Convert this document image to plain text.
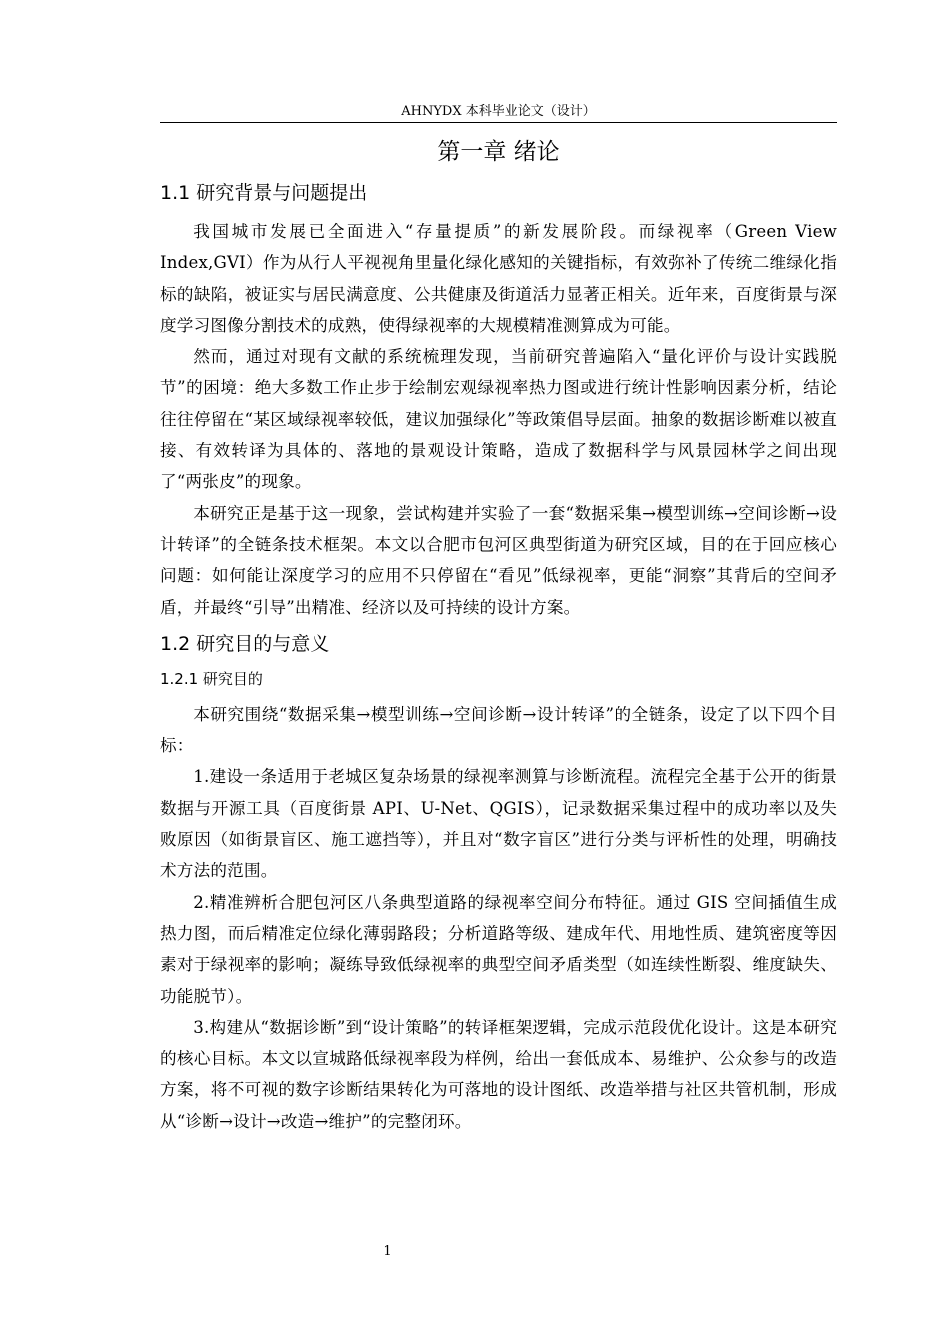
AHNYDX 本科毕业论文（设计）
第一章 绪论
1.1 研究背景与问题提出

我国城市发展已全面进入“存量提质”的新发展阶段。而绿视率（Green View Index,GVI）作为从行人平视视角里量化绿化感知的关键指标，有效弥补了传统二维绿化指标的缺陷，被证实与居民满意度、公共健康及街道活力显著正相关。近年来，百度街景与深度学习图像分割技术的成熟，使得绿视率的大规模精准测算成为可能。

然而，通过对现有文献的系统梳理发现，当前研究普遍陷入“量化评价与设计实践脱节”的困境：绝大多数工作止步于绘制宏观绿视率热力图或进行统计性影响因素分析，结论往往停留在“某区域绿视率较低，建议加强绿化”等政策倡导层面。抽象的数据诊断难以被直接、有效转译为具体的、落地的景观设计策略，造成了数据科学与风景园林学之间出现了“两张皮”的现象。

本研究正是基于这一现象，尝试构建并实验了一套“数据采集→模型训练→空间诊断→设计转译”的全链条技术框架。本文以合肥市包河区典型街道为研究区域，目的在于回应核心问题：如何能让深度学习的应用不只停留在“看见”低绿视率，更能“洞察”其背后的空间矛盾，并最终“引导”出精准、经济以及可持续的设计方案。

1.2 研究目的与意义
1.2.1 研究目的

本研究围绕“数据采集→模型训练→空间诊断→设计转译”的全链条，设定了以下四个目标：

1.建设一条适用于老城区复杂场景的绿视率测算与诊断流程。流程完全基于公开的街景数据与开源工具（百度街景 API、U-Net、QGIS），记录数据采集过程中的成功率以及失败原因（如街景盲区、施工遮挡等），并且对“数字盲区”进行分类与评析性的处理，明确技术方法的范围。

2.精准辨析合肥包河区八条典型道路的绿视率空间分布特征。通过 GIS 空间插值生成热力图，而后精准定位绿化薄弱路段；分析道路等级、建成年代、用地性质、建筑密度等因素对于绿视率的影响；凝练导致低绿视率的典型空间矛盾类型（如连续性断裂、维度缺失、功能脱节）。

3.构建从“数据诊断”到“设计策略”的转译框架逻辑，完成示范段优化设计。这是本研究的核心目标。本文以宣城路低绿视率段为样例，给出一套低成本、易维护、公众参与的改造方案，将不可视的数字诊断结果转化为可落地的设计图纸、改造举措与社区共管机制，形成从“诊断→设计→改造→维护”的完整闭环。

1
